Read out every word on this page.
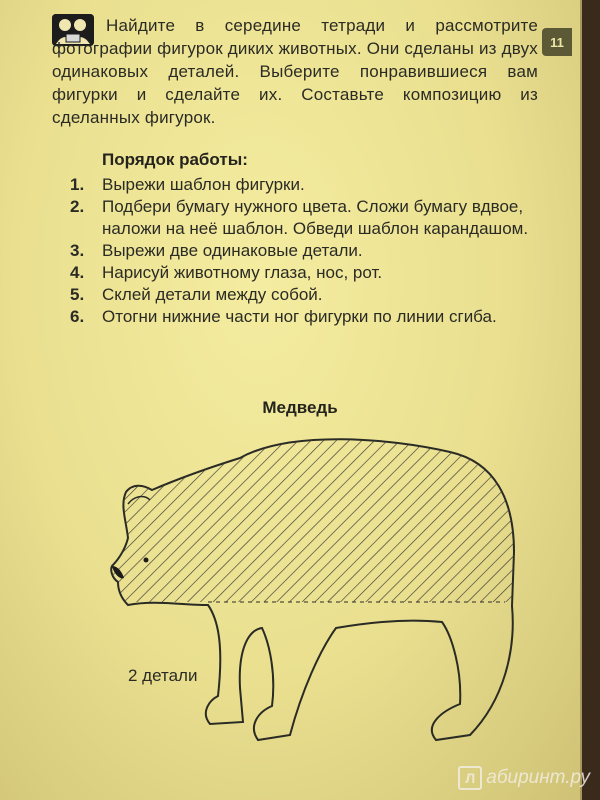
11

Найдите в середине тетради и рассмотрите фотографии фигурок диких животных. Они сделаны из двух одинаковых деталей. Выберите понравившиеся вам фигурки и сделайте их. Составьте композицию из сделанных фигурок.

Порядок работы:
1. Вырежи шаблон фигурки.
2. Подбери бумагу нужного цвета. Сложи бумагу вдвое, наложи на неё шаблон. Обведи шаблон карандашом.
3. Вырежи две одинаковые детали.
4. Нарисуй животному глаза, нос, рот.
5. Склей детали между собой.
6. Отогни нижние части ног фигурки по линии сгиба.
Медведь
2 детали
Л абиринт.ру
